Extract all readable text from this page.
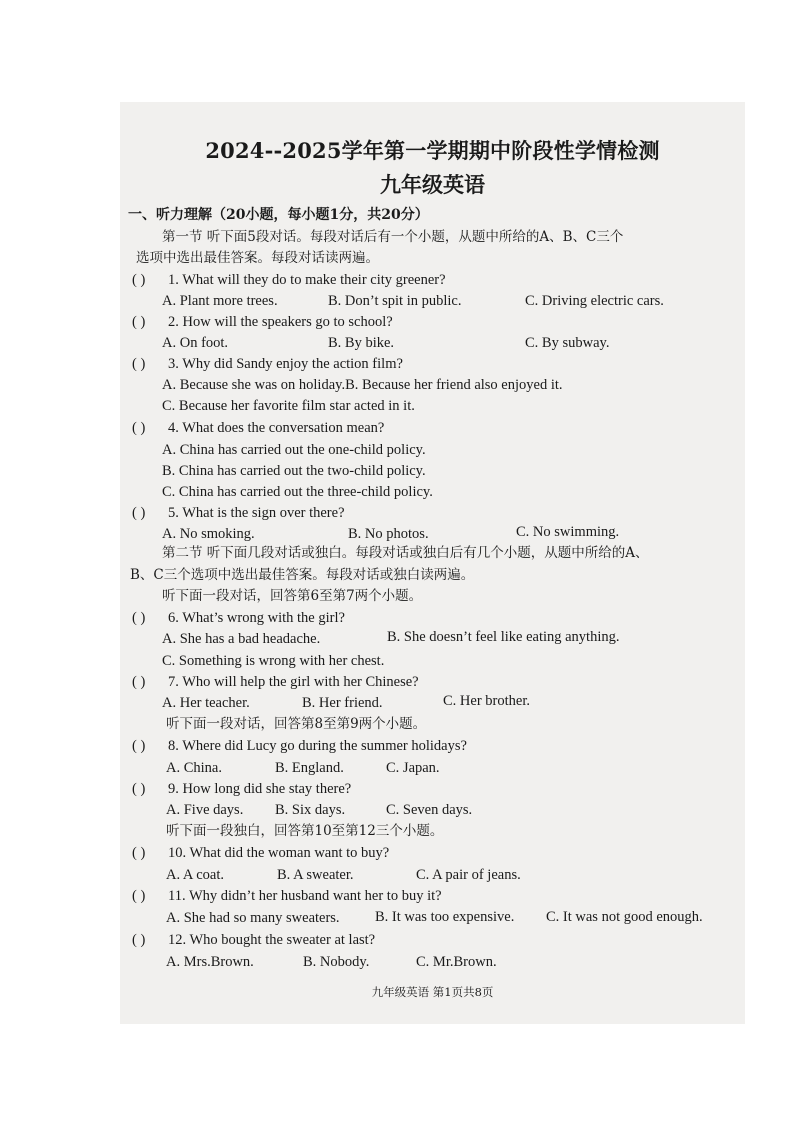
2024--2025学年第一学期期中阶段性学情检测
九年级英语
一、听力理解（20小题，每小题1分，共20分）
第一节 听下面5段对话。每段对话后有一个小题，从题中所给的A、B、C三个
选项中选出最佳答案。每段对话读两遍。
( ) 1. What will they do to make their city greener?
A. Plant more trees.	B. Don’t spit in public.	C. Driving electric cars.
( ) 2. How will the speakers go to school?
A. On foot.	B. By bike.	C. By subway.
( ) 3. Why did Sandy enjoy the action film?
A. Because she was on holiday.B. Because her friend also enjoyed it.
C. Because her favorite film star acted in it.
( ) 4. What does the conversation mean?
A. China has carried out the one-child policy.
B. China has carried out the two-child policy.
C. China has carried out the three-child policy.
( ) 5. What is the sign over there?
A. No smoking.	B. No photos.	C. No swimming.
第二节 听下面几段对话或独白。每段对话或独白后有几个小题，从题中所给的A、
B、C三个选项中选出最佳答案。每段对话或独白读两遍。
听下面一段对话，回答第6至第7两个小题。
( ) 6. What’s wrong with the girl?
A. She has a bad headache.	B. She doesn’t feel like eating anything.
C. Something is wrong with her chest.
( ) 7. Who will help the girl with her Chinese?
A. Her teacher.	B. Her friend.	C. Her brother.
听下面一段对话，回答第8至第9两个小题。
( ) 8. Where did Lucy go during the summer holidays?
A. China.	B. England.	C. Japan.
( ) 9. How long did she stay there?
A. Five days. B. Six days.	C. Seven days.
听下面一段独白，回答第10至第12三个小题。
( ) 10. What did the woman want to buy?
A. A coat.	B. A sweater.	C. A pair of jeans.
( ) 11. Why didn’t her husband want her to buy it?
A. She had so many sweaters. B. It was too expensive. C. It was not good enough.
( ) 12. Who bought the sweater at last?
A. Mrs.Brown.	B. Nobody.	C. Mr.Brown.
九年级英语 第1页共8页
